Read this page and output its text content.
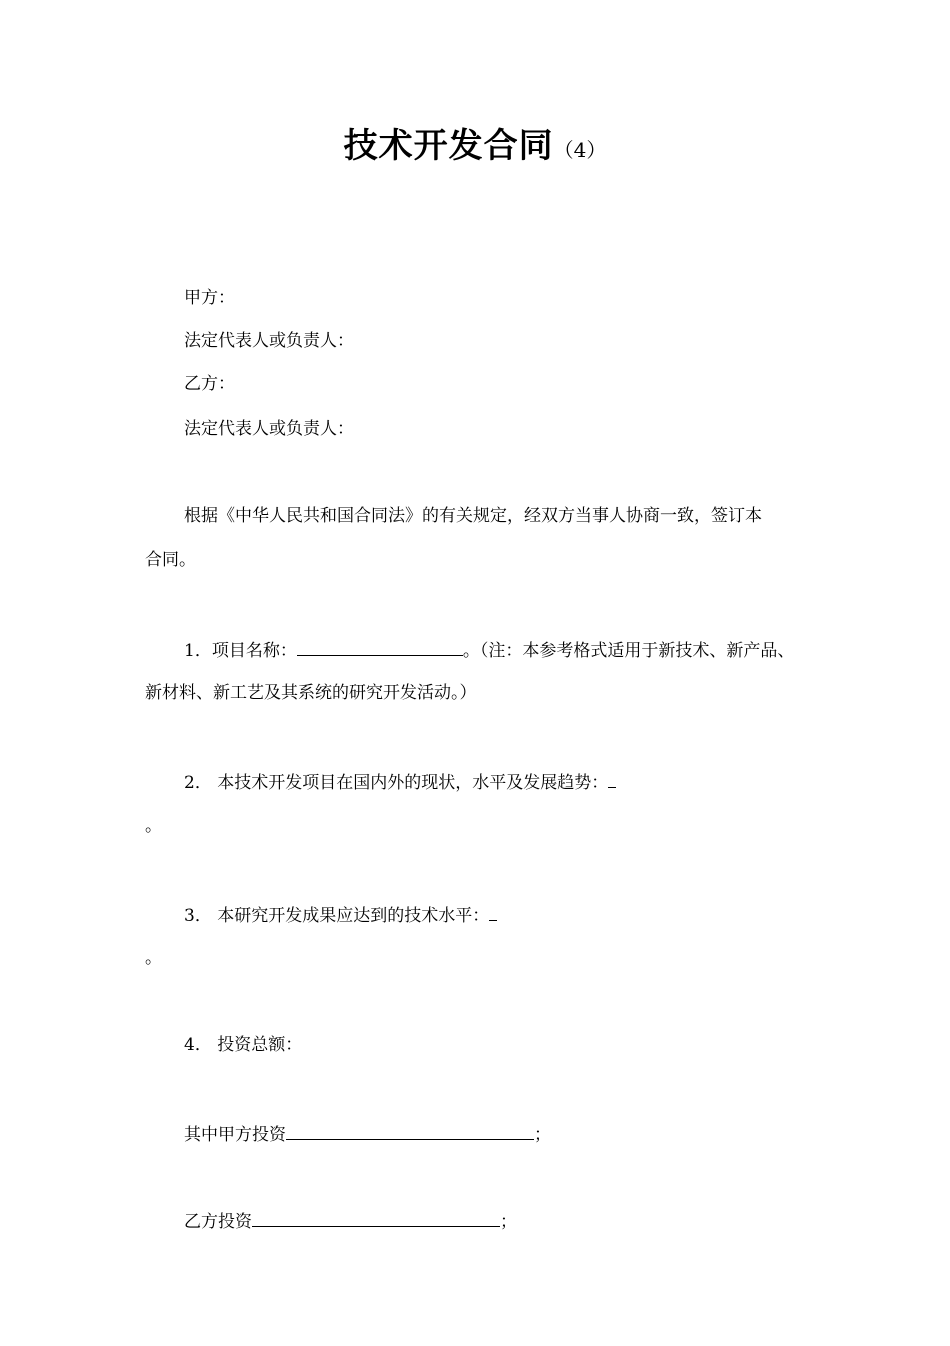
技术开发合同（4）
甲方：
法定代表人或负责人：
乙方：
法定代表人或负责人：
根据《中华人民共和国合同法》的有关规定，经双方当事人协商一致，签订本
合同。
1．项目名称：	。（注：本参考格式适用于新技术、新产品、
新材料、新工艺及其系统的研究开发活动。）
2． 本技术开发项目在国内外的现状，水平及发展趋势：
。
3． 本研究开发成果应达到的技术水平：
。
4． 投资总额：
其中甲方投资	；
乙方投资	；
